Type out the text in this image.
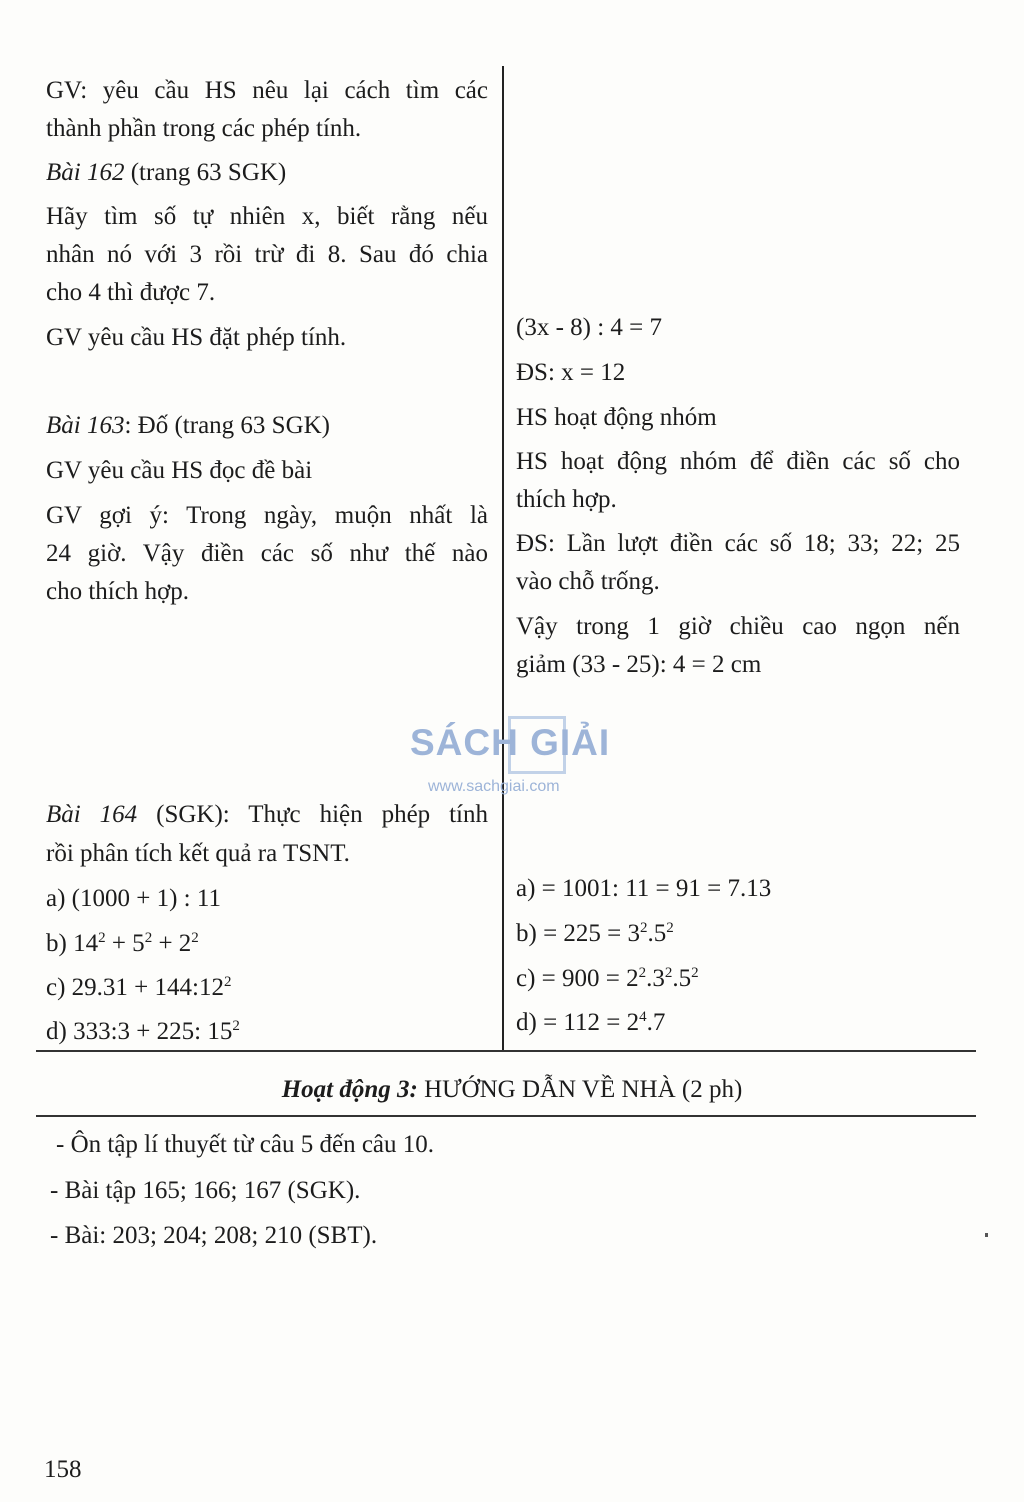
GV: yêu cầu HS nêu lại cách tìm các
thành phần trong các phép tính.
Bài 162 (trang 63 SGK)
Hãy tìm số tự nhiên x, biết rằng nếu
nhân nó với 3 rồi trừ đi 8. Sau đó chia
cho 4 thì được 7.
GV yêu cầu HS đặt phép tính.
Bài 163: Đố (trang 63 SGK)
GV yêu cầu HS đọc đề bài
GV gợi ý: Trong ngày, muộn nhất là
24 giờ. Vậy điền các số như thế nào
cho thích hợp.
Bài 164 (SGK): Thực hiện phép tính
rồi phân tích kết quả ra TSNT.
a) (1000 + 1) : 11
b) $14^2 + 5^2 + 2^2$
c) $29.31 + 144:12^2$
d) 333:3 + 225: $15^2$
(3x - 8) : 4 = 7
ĐS: x = 12
HS hoạt động nhóm
HS hoạt động nhóm để điền các số cho
thích hợp.
ĐS: Lần lượt điền các số 18; 33; 22; 25
vào chỗ trống.
Vậy trong 1 giờ chiều cao ngọn nến
giảm (33 - 25): 4 = 2 cm
a) = 1001: 11 = 91 = 7.13
$b) = 225 = 3^2.5^2$
$c) = 900 = 2^2.3^2.5^2$
$d) = 112 = 2^4.7$
SÁCH GIẢI
www.sachgiai.com
Hoạt động 3: HƯỚNG DẪN VỀ NHÀ (2 ph)
- Ôn tập lí thuyết từ câu 5 đến câu 10.
- Bài tập 165; 166; 167 (SGK).
- Bài: 203; 204; 208; 210 (SBT).
158
